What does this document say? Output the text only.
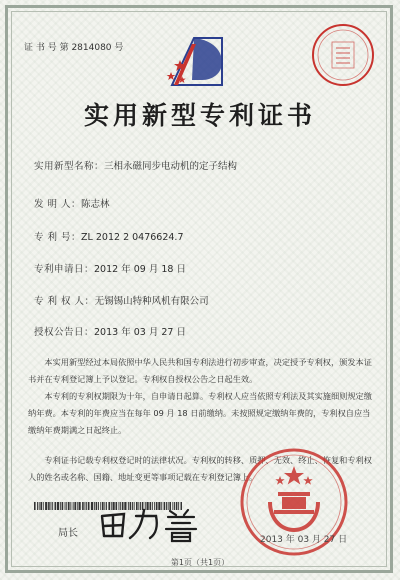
证 书 号 第 2814080 号
实用新型专利证书
实用新型名称：三相永磁同步电动机的定子结构
发 明 人：陈志林
专 利 号：ZL 2012 2 0476624.7
专利申请日：2012 年 09 月 18 日
专 利 权 人：无锡锡山特种风机有限公司
授权公告日：2013 年 03 月 27 日
本实用新型经过本局依照中华人民共和国专利法进行初步审查，决定授予专利权，颁发本证书并在专利登记簿上予以登记。专利权自授权公告之日起生效。
本专利的专利权期限为十年，自申请日起算。专利权人应当依照专利法及其实施细则规定缴纳年费。本专利的年费应当在每年 09 月 18 日前缴纳。未按照规定缴纳年费的，专利权自应当缴纳年费期满之日起终止。
专利证书记载专利权登记时的法律状况。专利权的转移、质押、无效、终止、恢复和专利权人的姓名或名称、国籍、地址变更等事项记载在专利登记簿上。
局长
2013 年 03 月 27 日
第1页（共1页）
